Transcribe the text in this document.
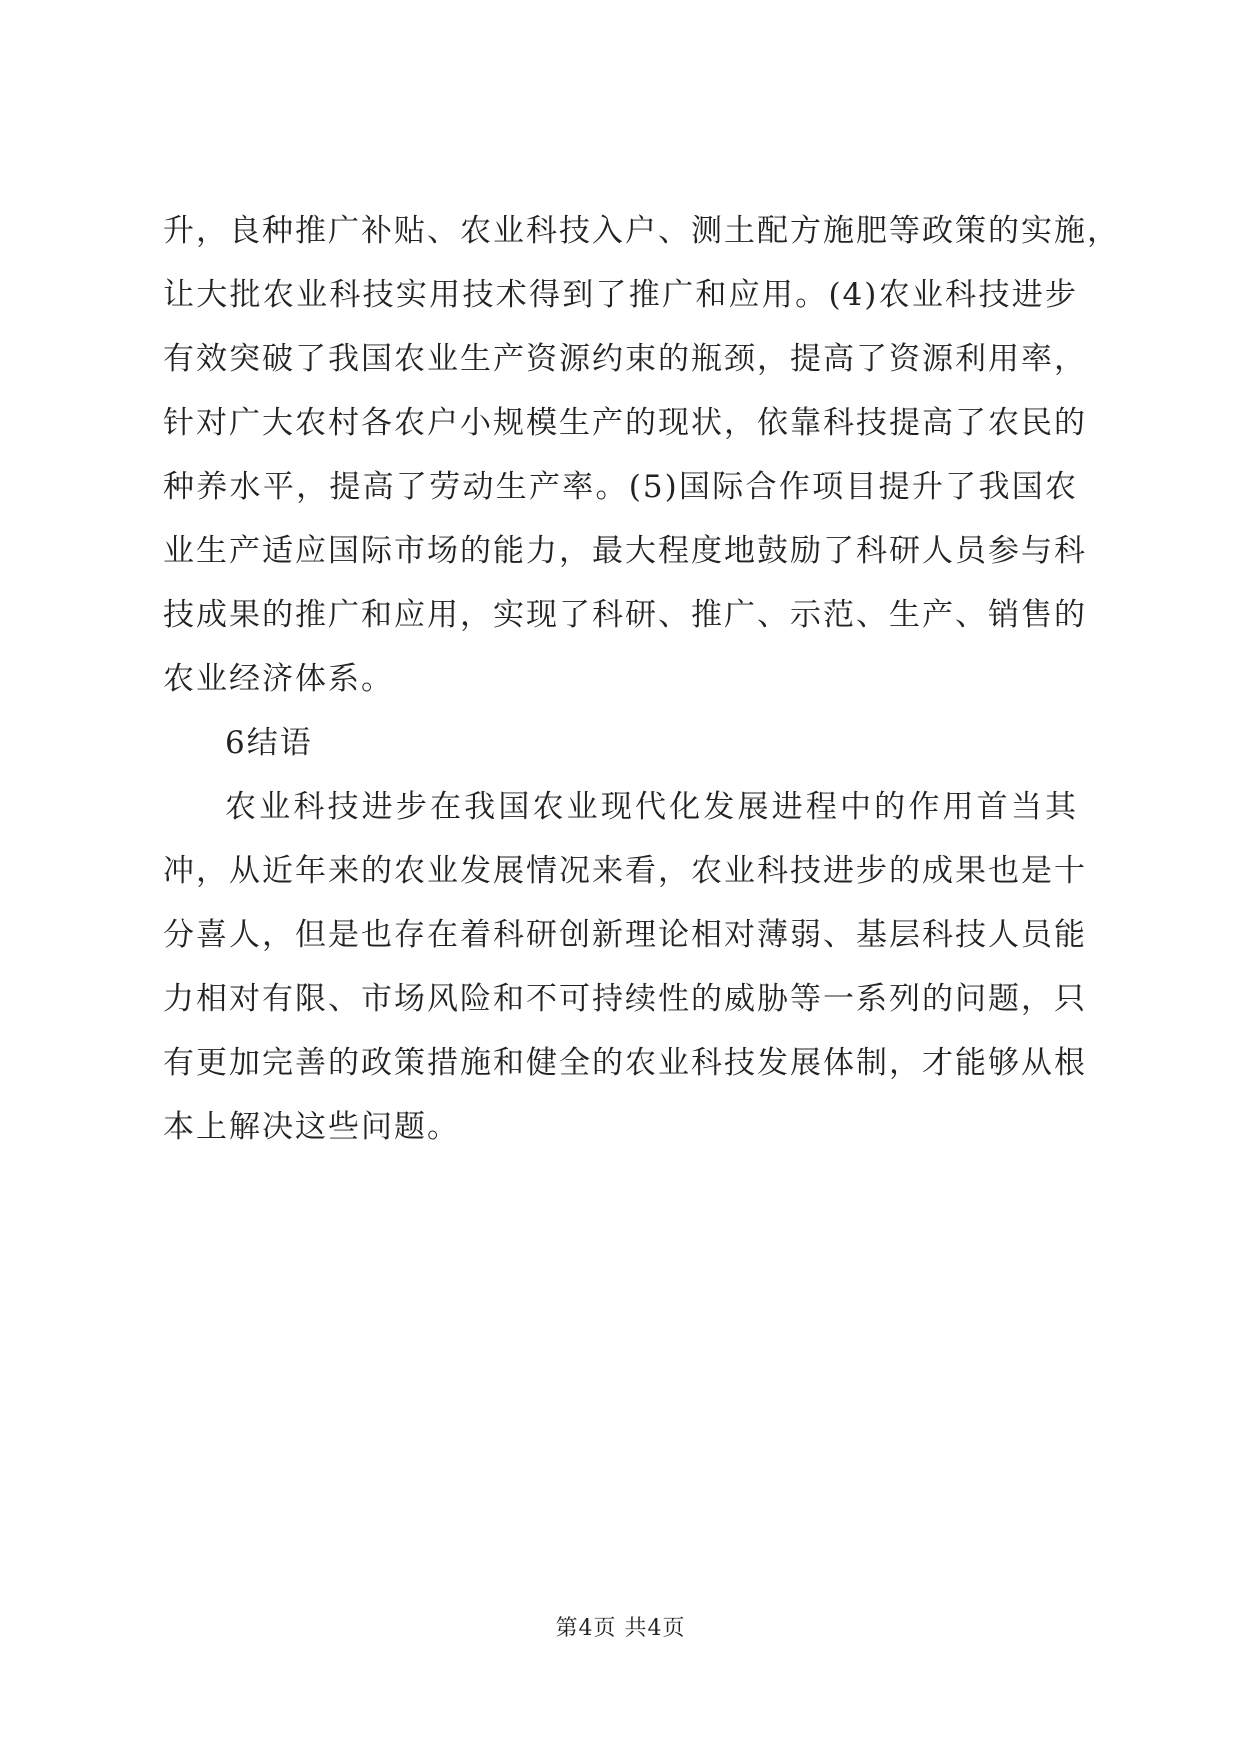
升，良种推广补贴、农业科技入户、测土配方施肥等政策的实施，
让大批农业科技实用技术得到了推广和应用。(4)农业科技进步
有效突破了我国农业生产资源约束的瓶颈，提高了资源利用率，
针对广大农村各农户小规模生产的现状，依靠科技提高了农民的
种养水平，提高了劳动生产率。(5)国际合作项目提升了我国农
业生产适应国际市场的能力，最大程度地鼓励了科研人员参与科
技成果的推广和应用，实现了科研、推广、示范、生产、销售的
农业经济体系。
6结语
农业科技进步在我国农业现代化发展进程中的作用首当其
冲，从近年来的农业发展情况来看，农业科技进步的成果也是十
分喜人，但是也存在着科研创新理论相对薄弱、基层科技人员能
力相对有限、市场风险和不可持续性的威胁等一系列的问题，只
有更加完善的政策措施和健全的农业科技发展体制，才能够从根
本上解决这些问题。
第4页 共4页
